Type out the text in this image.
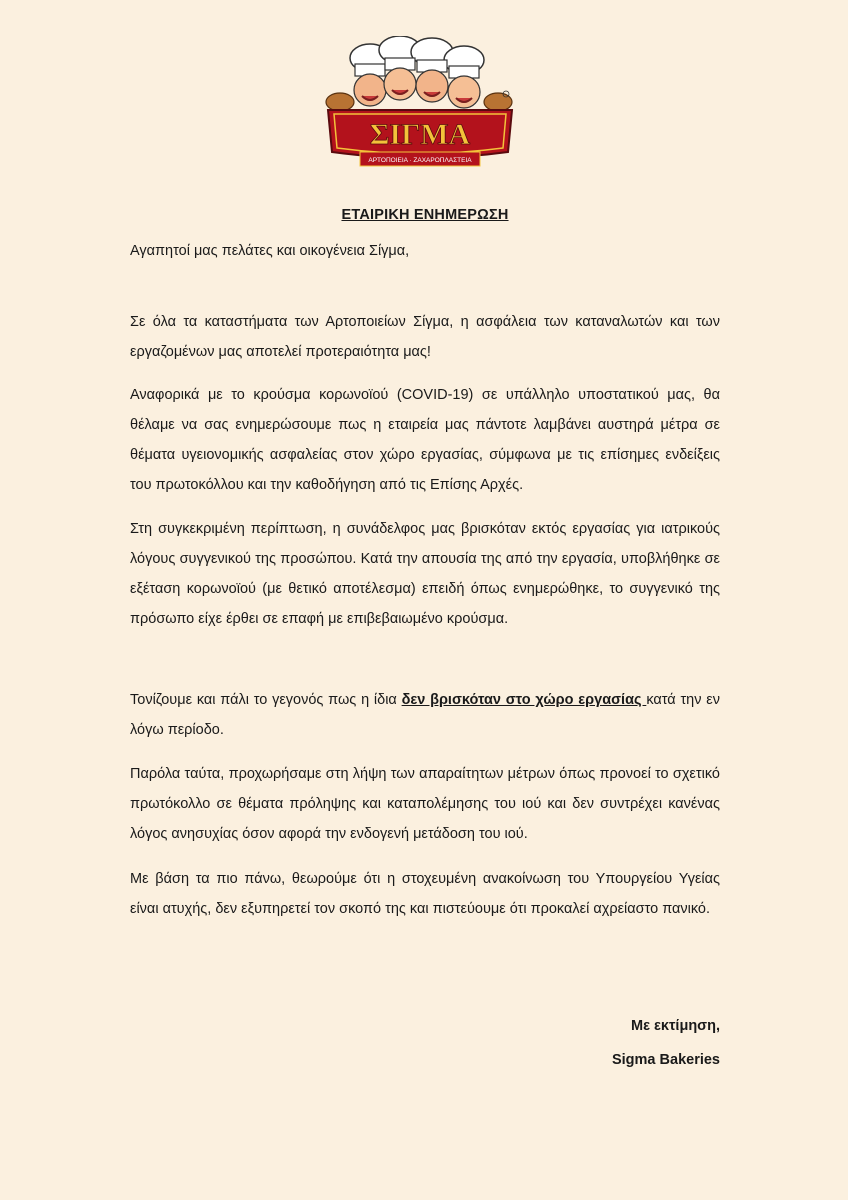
ΣΙΓΜΑ
ΑΡΤΟΠΟΙΕΙΑ · ΖΑΧΑΡΟΠΛΑΣΤΕΙΑ
ΕΤΑΙΡΙΚΗ ΕΝΗΜΕΡΩΣΗ
Αγαπητοί μας πελάτες και οικογένεια Σίγμα,
Σε όλα τα καταστήματα των Αρτοποιείων Σίγμα, η ασφάλεια των καταναλωτών και των εργαζομένων μας αποτελεί προτεραιότητα μας!
Αναφορικά με το κρούσμα κορωνοϊού (COVID-19) σε υπάλληλο υποστατικού μας, θα θέλαμε να σας ενημερώσουμε πως η εταιρεία μας πάντοτε λαμβάνει αυστηρά μέτρα σε θέματα υγειονομικής ασφαλείας στον χώρο εργασίας, σύμφωνα με τις επίσημες ενδείξεις του πρωτοκόλλου και την καθοδήγηση από τις Επίσης Αρχές.
Στη συγκεκριμένη περίπτωση, η συνάδελφος μας βρισκόταν εκτός εργασίας για ιατρικούς λόγους συγγενικού της προσώπου. Κατά την απουσία της από την εργασία, υποβλήθηκε σε εξέταση κορωνοϊού (με θετικό αποτέλεσμα) επειδή όπως ενημερώθηκε, το συγγενικό της πρόσωπο είχε έρθει σε επαφή με επιβεβαιωμένο κρούσμα.
Τονίζουμε και πάλι το γεγονός πως η ίδια δεν βρισκόταν στο χώρο εργασίας κατά την εν λόγω περίοδο.
Παρόλα ταύτα, προχωρήσαμε στη λήψη των απαραίτητων μέτρων όπως προνοεί το σχετικό πρωτόκολλο σε θέματα πρόληψης και καταπολέμησης του ιού και δεν συντρέχει κανένας λόγος ανησυχίας όσον αφορά την ενδογενή μετάδοση του ιού.
Με βάση τα πιο πάνω, θεωρούμε ότι η στοχευμένη ανακοίνωση του Υπουργείου Υγείας είναι ατυχής, δεν εξυπηρετεί τον σκοπό της και πιστεύουμε ότι προκαλεί αχρείαστο πανικό.
Με εκτίμηση,
Sigma Bakeries
